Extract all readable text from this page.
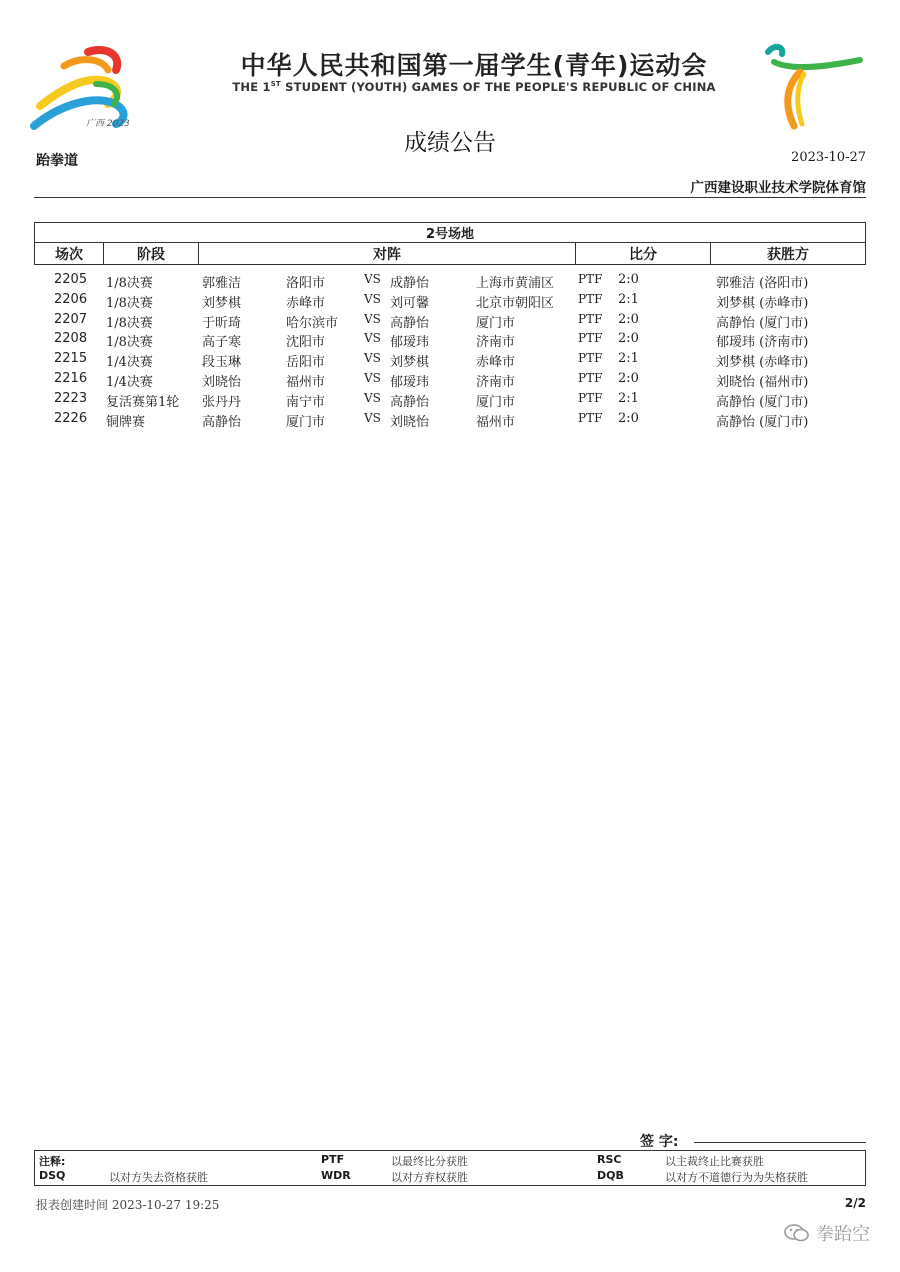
广西 2023
中华人民共和国第一届学生(青年)运动会
THE 1ST STUDENT (YOUTH) GAMES OF THE PEOPLE'S REPUBLIC OF CHINA
成绩公告
跆拳道	2023-10-27
广西建设职业技术学院体育馆
2号场地
场次	阶段	对阵	比分	获胜方
2205 1/8决赛	郭雅洁	洛阳市	VS 成静怡	上海市黄浦区 PTF 2:0	郭雅洁 (洛阳市)
2206 1/8决赛	刘梦棋	赤峰市	VS 刘可馨	北京市朝阳区 PTF 2:1	刘梦棋 (赤峰市)
2207 1/8决赛	于昕琦	哈尔滨市 VS 高静怡	厦门市	PTF 2:0	高静怡 (厦门市)
2208 1/8决赛	高子寒	沈阳市	VS 郁瑷玮	济南市	PTF 2:0	郁瑷玮 (济南市)
2215 1/4决赛	段玉琳	岳阳市	VS 刘梦棋	赤峰市	PTF 2:1	刘梦棋 (赤峰市)
2216 1/4决赛	刘晓怡	福州市	VS 郁瑷玮	济南市	PTF 2:0	刘晓怡 (福州市)
2223 复活赛第1轮 张丹丹	南宁市	VS 高静怡	厦门市	PTF 2:1	高静怡 (厦门市)
2226 铜牌赛	高静怡	厦门市	VS 刘晓怡	福州市	PTF 2:0	高静怡 (厦门市)
签 字:
注释:
DSQ	以对方失去资格获胜
PTF	以最终比分获胜
WDR	以对方弃权获胜
RSC	以主裁终止比赛获胜
DQB	以对方不道德行为为失格获胜
报表创建时间 2023-10-27 19:25	2/2
拳跆空
